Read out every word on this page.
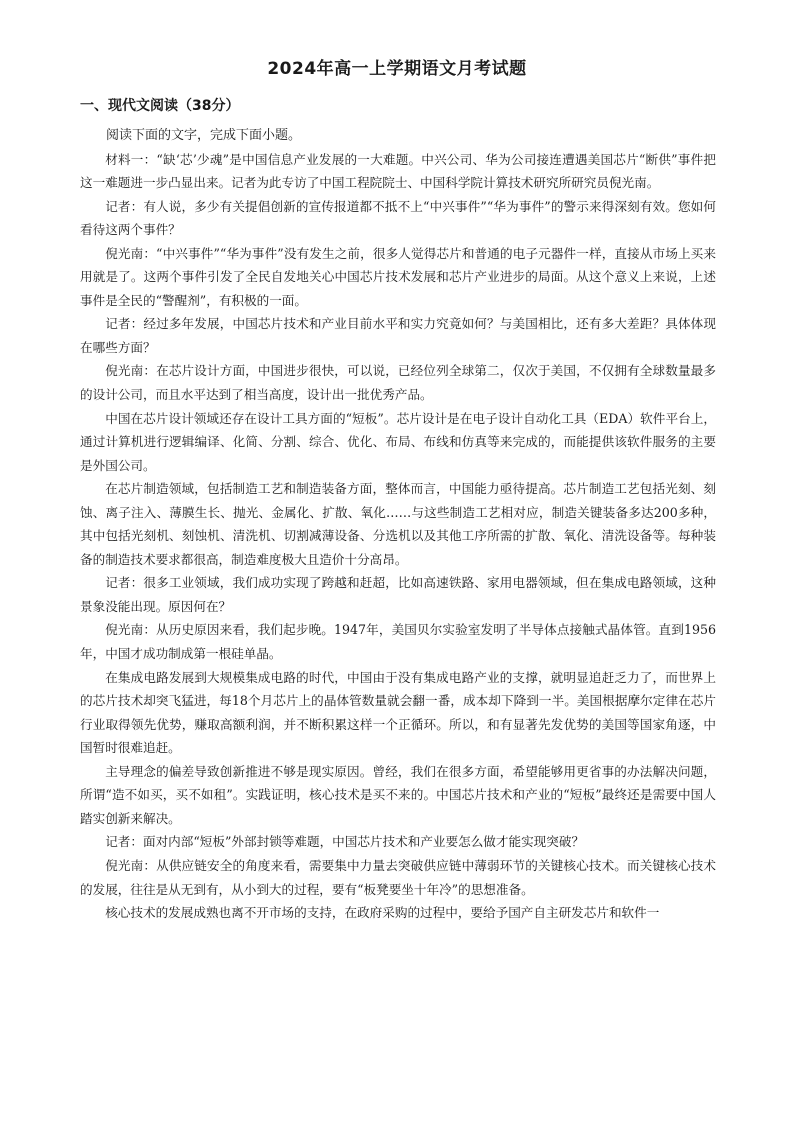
2024年高一上学期语文月考试题
一、现代文阅读（38分）

阅读下面的文字，完成下面小题。

材料一：“缺‘芯’少魂”是中国信息产业发展的一大难题。中兴公司、华为公司接连遭遇美国芯片“断供”事件把这一难题进一步凸显出来。记者为此专访了中国工程院院士、中国科学院计算技术研究所研究员倪光南。

记者：有人说，多少有关提倡创新的宣传报道都不抵不上“中兴事件”“华为事件”的警示来得深刻有效。您如何看待这两个事件？

倪光南：“中兴事件”“华为事件”没有发生之前，很多人觉得芯片和普通的电子元器件一样，直接从市场上买来用就是了。这两个事件引发了全民自发地关心中国芯片技术发展和芯片产业进步的局面。从这个意义上来说，上述事件是全民的“警醒剂”，有积极的一面。

记者：经过多年发展，中国芯片技术和产业目前水平和实力究竟如何？与美国相比，还有多大差距？具体体现在哪些方面？

倪光南：在芯片设计方面，中国进步很快，可以说，已经位列全球第二，仅次于美国，不仅拥有全球数量最多的设计公司，而且水平达到了相当高度，设计出一批优秀产品。

中国在芯片设计领域还存在设计工具方面的“短板”。芯片设计是在电子设计自动化工具（EDA）软件平台上，通过计算机进行逻辑编译、化简、分割、综合、优化、布局、布线和仿真等来完成的，而能提供该软件服务的主要是外国公司。

在芯片制造领域，包括制造工艺和制造装备方面，整体而言，中国能力亟待提高。芯片制造工艺包括光刻、刻蚀、离子注入、薄膜生长、抛光、金属化、扩散、氧化……与这些制造工艺相对应，制造关键装备多达200多种，其中包括光刻机、刻蚀机、清洗机、切割减薄设备、分选机以及其他工序所需的扩散、氧化、清洗设备等。每种装备的制造技术要求都很高，制造难度极大且造价十分高昂。

记者：很多工业领域，我们成功实现了跨越和赶超，比如高速铁路、家用电器领域，但在集成电路领域，这种景象没能出现。原因何在？

倪光南：从历史原因来看，我们起步晚。1947年，美国贝尔实验室发明了半导体点接触式晶体管。直到1956年，中国才成功制成第一根硅单晶。

在集成电路发展到大规模集成电路的时代，中国由于没有集成电路产业的支撑，就明显追赶乏力了，而世界上的芯片技术却突飞猛进，每18个月芯片上的晶体管数量就会翻一番，成本却下降到一半。美国根据摩尔定律在芯片行业取得领先优势，赚取高额利润，并不断积累这样一个正循环。所以，和有显著先发优势的美国等国家角逐，中国暂时很难追赶。

主导理念的偏差导致创新推进不够是现实原因。曾经，我们在很多方面，希望能够用更省事的办法解决问题，所谓“造不如买，买不如租”。实践证明，核心技术是买不来的。中国芯片技术和产业的“短板”最终还是需要中国人踏实创新来解决。

记者：面对内部“短板”外部封锁等难题，中国芯片技术和产业要怎么做才能实现突破？

倪光南：从供应链安全的角度来看，需要集中力量去突破供应链中薄弱环节的关键核心技术。而关键核心技术的发展，往往是从无到有，从小到大的过程，要有“板凳要坐十年冷”的思想准备。

核心技术的发展成熟也离不开市场的支持，在政府采购的过程中，要给予国产自主研发芯片和软件一
